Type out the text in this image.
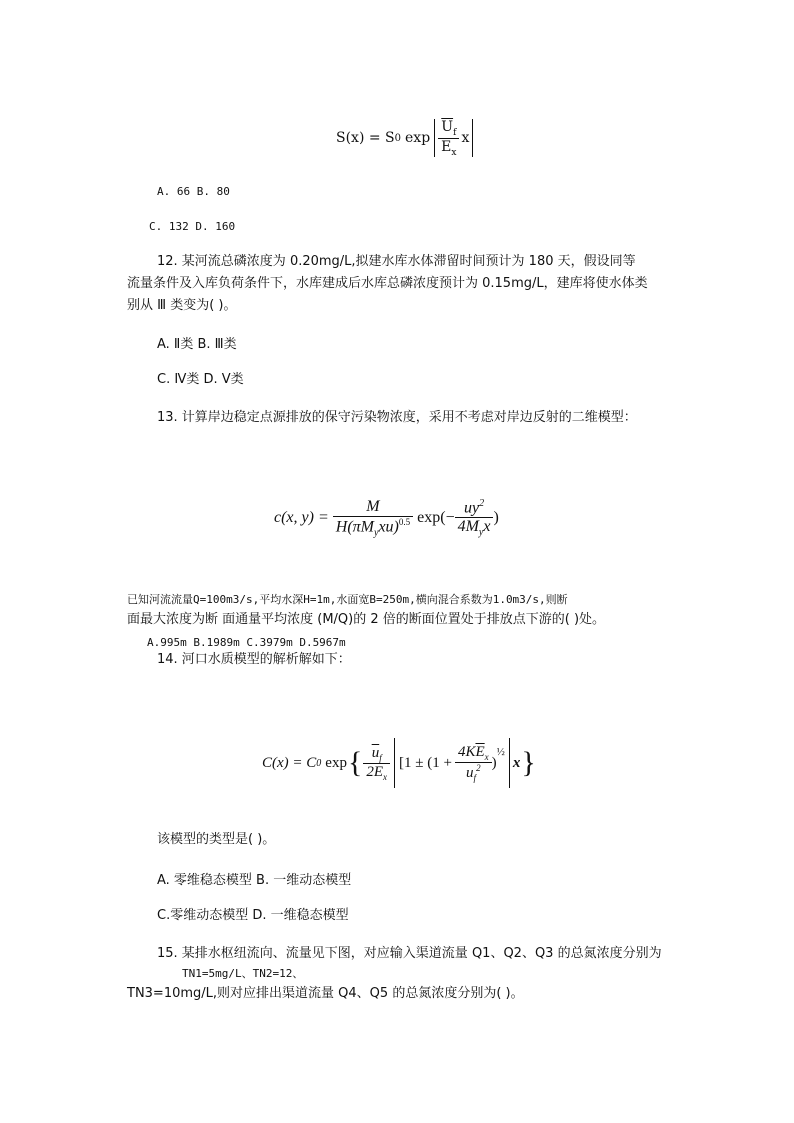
S(x) = S 0 $\exp \frac{\overline{U}_f}{\overline{E}_x}$ x
A. 66 B. 80
C. 132 D. 160
12. 某河流总磷浓度为 0.20mg/L,拟建水库水体滞留时间预计为 180 天，假设同等
流量条件及入库负荷条件下，水库建成后水库总磷浓度预计为 0.15mg/L，建库将使水体类
别从 Ⅲ 类变为( )。
A. Ⅱ类 B. Ⅲ类
C. Ⅳ类 D. Ⅴ类
13. 计算岸边稳定点源排放的保守污染物浓度，采用不考虑对岸边反射的二维模型：
c(x, $y) = \frac{M}{H(\pi M_yxu)^{0.5}} \exp(- \frac{uy^2}{4M_yx}$ )
已知河流流量Q=100m3/s,平均水深H=1m,水面宽B=250m,横向混合系数为1.0m3/s,则断
面最大浓度为断 面通量平均浓度 (M/Q)的 2 倍的断面位置处于排放点下游的( )处。
A.995m B.1989m C.3979m D.5967m
14. 河口水质模型的解析解如下：
C(x) = C 0 exp { $\frac{\overline{u}_f}{2\overline{E}_x} [1 \pm (1 + \frac{4K\overline{E}_x}{u_f^2}$ )
$^{\frac{1}{2}}$
x }
该模型的类型是( )。
A. 零维稳态模型 B. 一维动态模型
C.零维动态模型 D. 一维稳态模型
15. 某排水枢纽流向、流量见下图，对应输入渠道流量 Q1、Q2、Q3 的总氮浓度分别为
TN1=5mg/L、TN2=12、
TN3=10mg/L,则对应排出渠道流量 Q4、Q5 的总氮浓度分别为( )。
